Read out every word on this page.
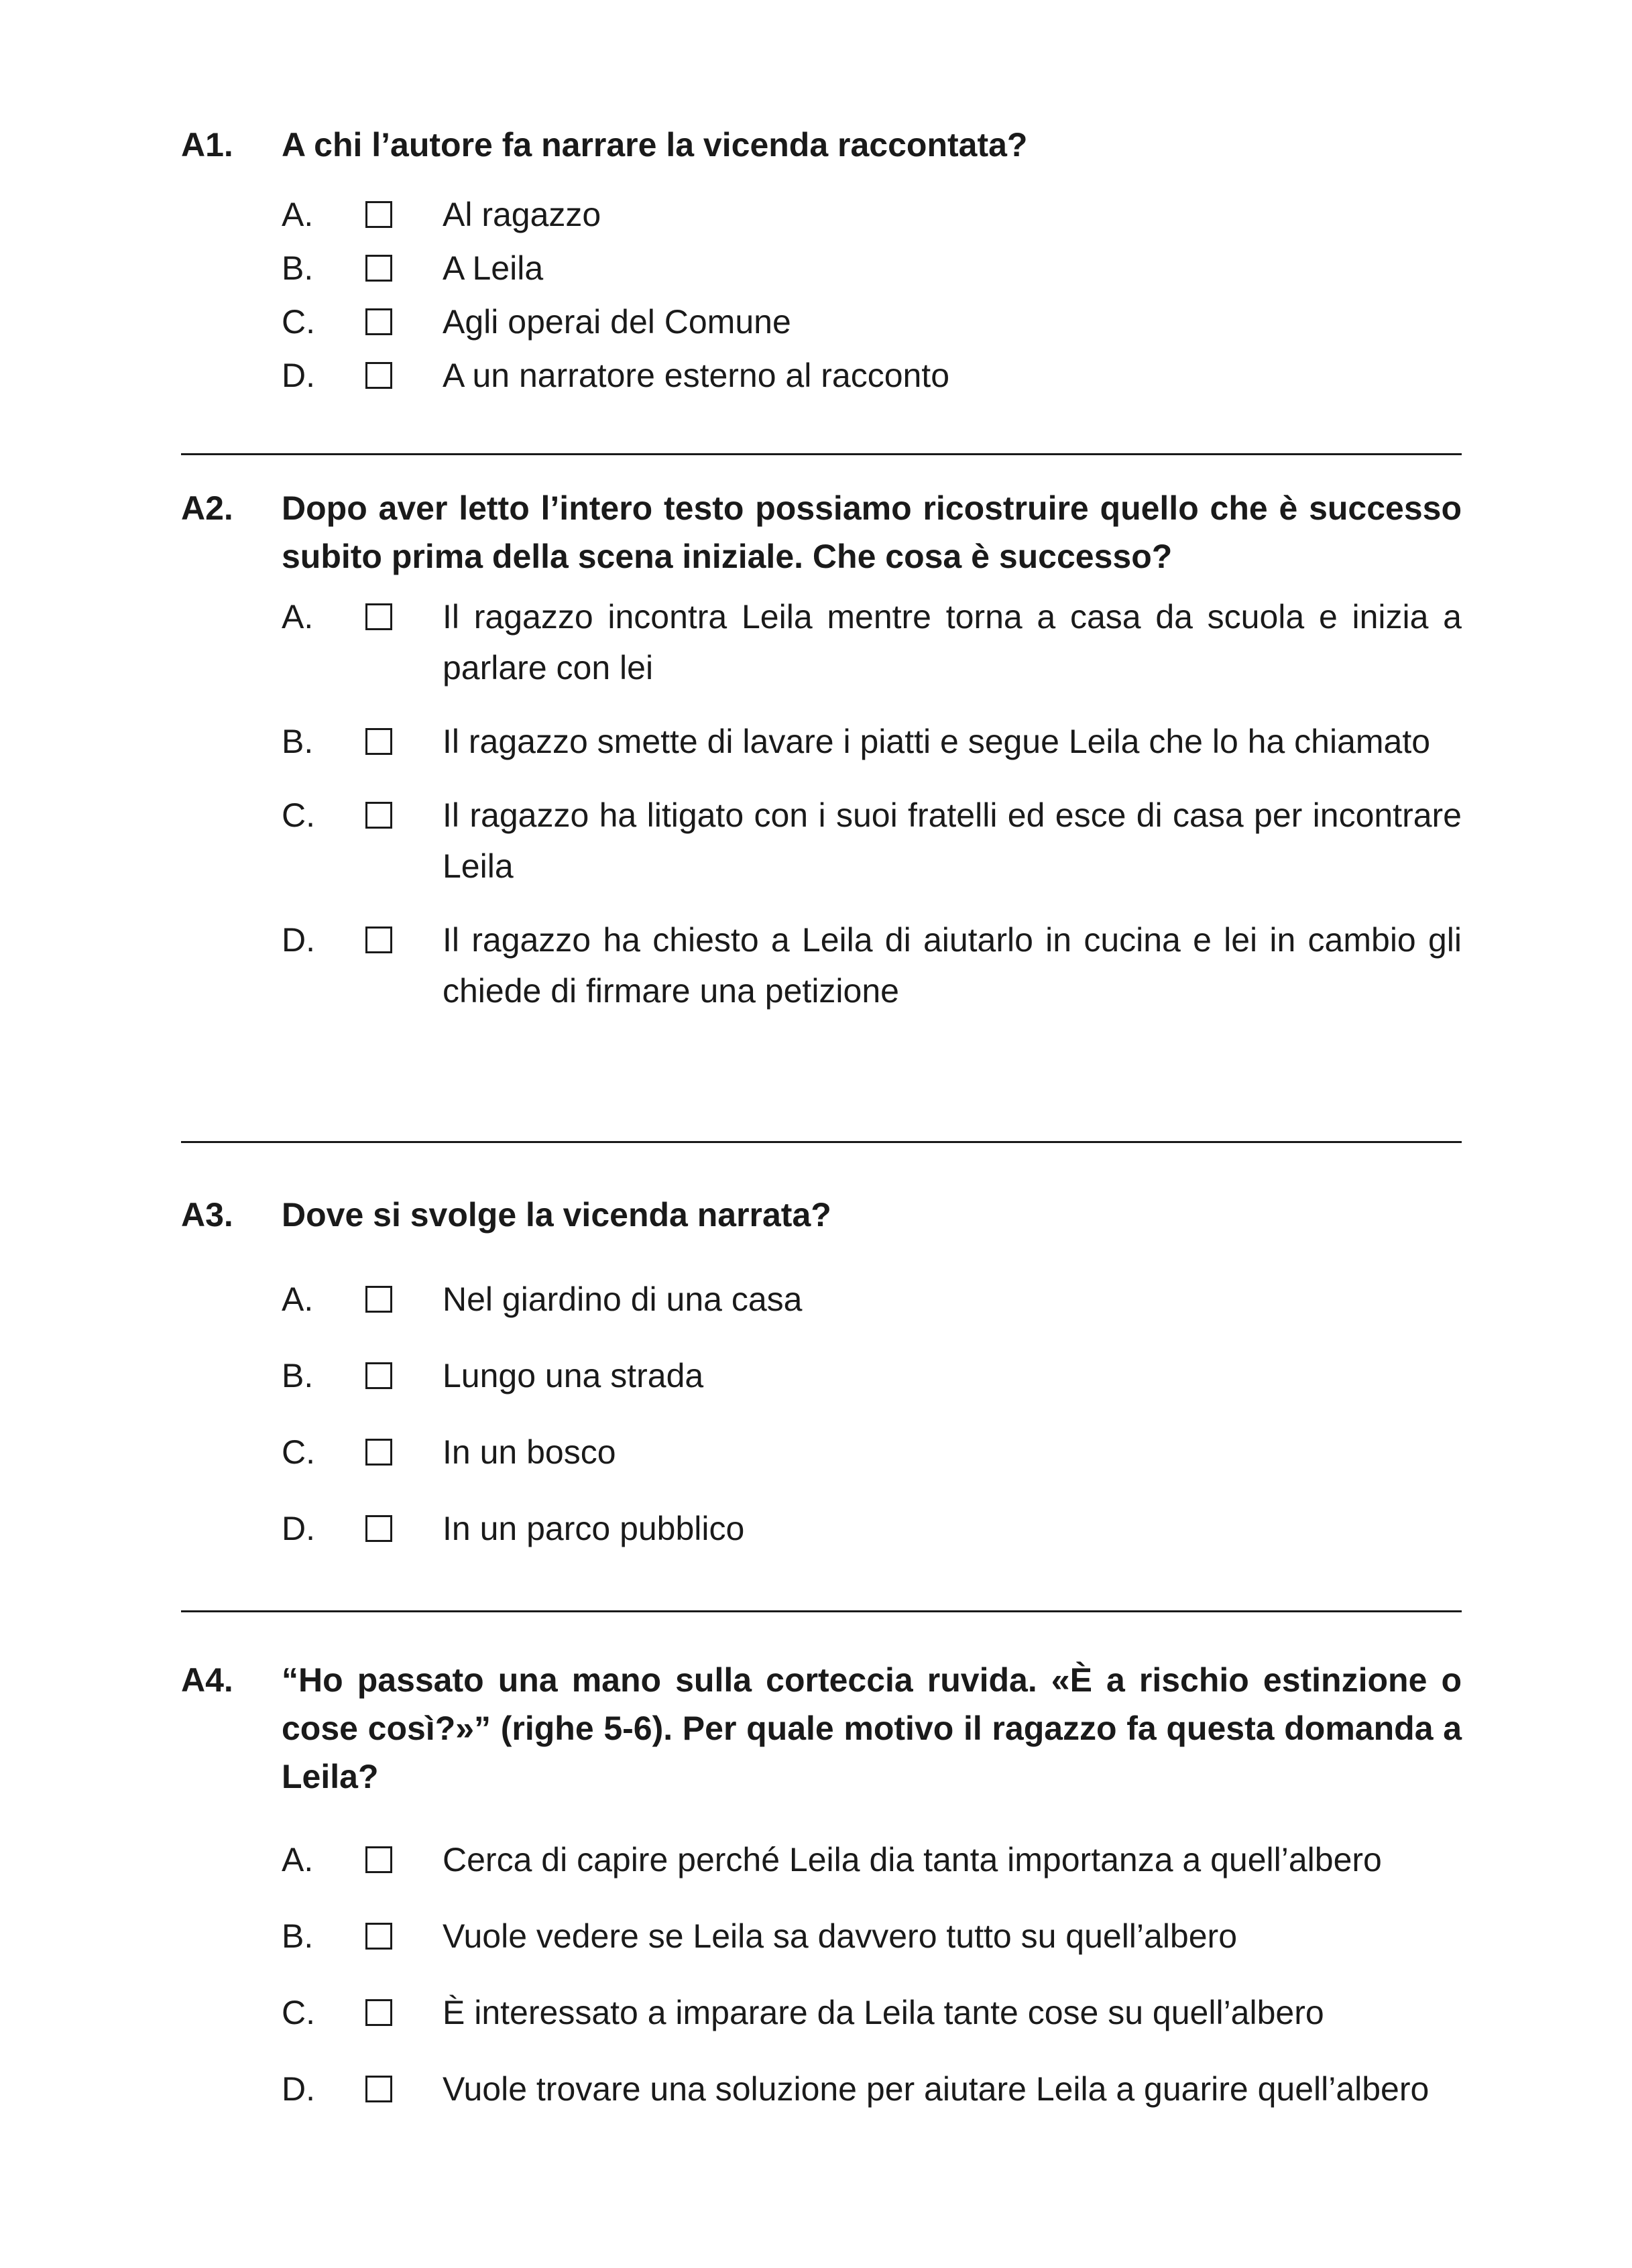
A1.	A chi l’autore fa narrare la vicenda raccontata?
A.	Al ragazzo
B.	A Leila
C.	Agli operai del Comune
D.	A un narratore esterno al racconto
A2.	Dopo aver letto l’intero testo possiamo ricostruire quello che è successo subito prima della scena iniziale. Che cosa è successo?
A.	Il ragazzo incontra Leila mentre torna a casa da scuola e inizia a parlare con lei
B.	Il ragazzo smette di lavare i piatti e segue Leila che lo ha chiamato
C.	Il ragazzo ha litigato con i suoi fratelli ed esce di casa per incontrare Leila
D.	Il ragazzo ha chiesto a Leila di aiutarlo in cucina e lei in cambio gli chiede di firmare una petizione
A3.	Dove si svolge la vicenda narrata?
A.	Nel giardino di una casa
B.	Lungo una strada
C.	In un bosco
D.	In un parco pubblico
A4.	“Ho passato una mano sulla corteccia ruvida. «È a rischio estinzione o cose così?»” (righe 5-6). Per quale motivo il ragazzo fa questa domanda a Leila?
A.	Cerca di capire perché Leila dia tanta importanza a quell’albero
B.	Vuole vedere se Leila sa davvero tutto su quell’albero
C.	È interessato a imparare da Leila tante cose su quell’albero
D.	Vuole trovare una soluzione per aiutare Leila a guarire quell’albero
